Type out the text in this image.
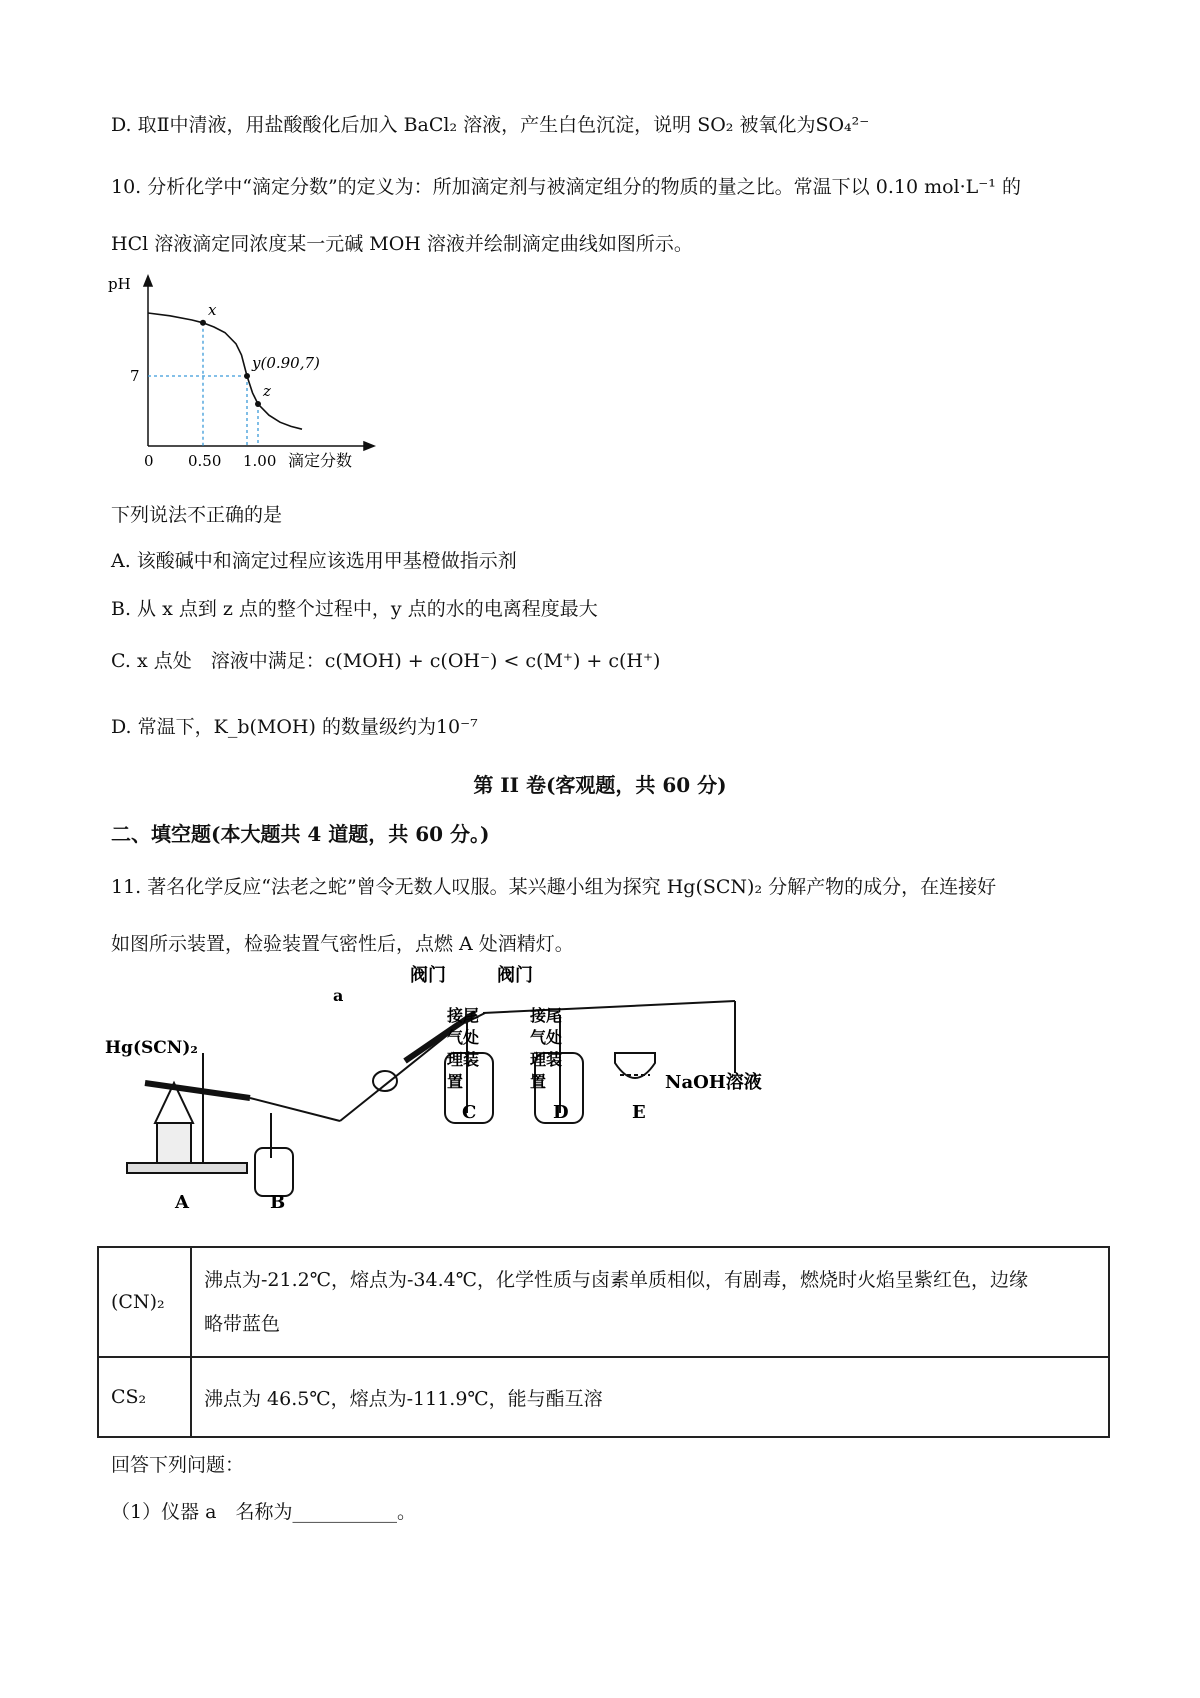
D. 取Ⅱ中清液，用盐酸酸化后加入 BaCl₂ 溶液，产生白色沉淀，说明 SO₂ 被氧化为SO₄²⁻
10. 分析化学中“滴定分数”的定义为：所加滴定剂与被滴定组分的物质的量之比。常温下以 0.10 mol·L⁻¹ 的
HCl 溶液滴定同浓度某一元碱 MOH 溶液并绘制滴定曲线如图所示。
x
y(0.90,7)
z
pH
7
0 0.50 1.00 滴定分数
下列说法不正确的是
A. 该酸碱中和滴定过程应该选用甲基橙做指示剂
B. 从 x 点到 z 点的整个过程中，y 点的水的电离程度最大
C. x 点处　溶液中满足：c(MOH) + c(OH⁻) < c(M⁺) + c(H⁺)
D. 常温下，K_b(MOH) 的数量级约为10⁻⁷
第 II 卷(客观题，共 60 分)
二、填空题(本大题共 4 道题，共 60 分。)
11. 著名化学反应“法老之蛇”曾令无数人叹服。某兴趣小组为探究 Hg(SCN)₂ 分解产物的成分，在连接好
如图所示装置，检验装置气密性后，点燃 A 处酒精灯。
Hg(SCN)₂
a
阀门	阀门
接尾
气处
理装
置
接尾
气处
理装
置	NaOH溶液
A	B
C	D	E
(CN)₂	沸点为-21.2℃，熔点为-34.4℃，化学性质与卤素单质相似，有剧毒，燃烧时火焰呈紫红色，边缘
略带蓝色
CS₂	沸点为 46.5℃，熔点为-111.9℃，能与酯互溶
回答下列问题：
（1）仪器 a　名称为___________。
